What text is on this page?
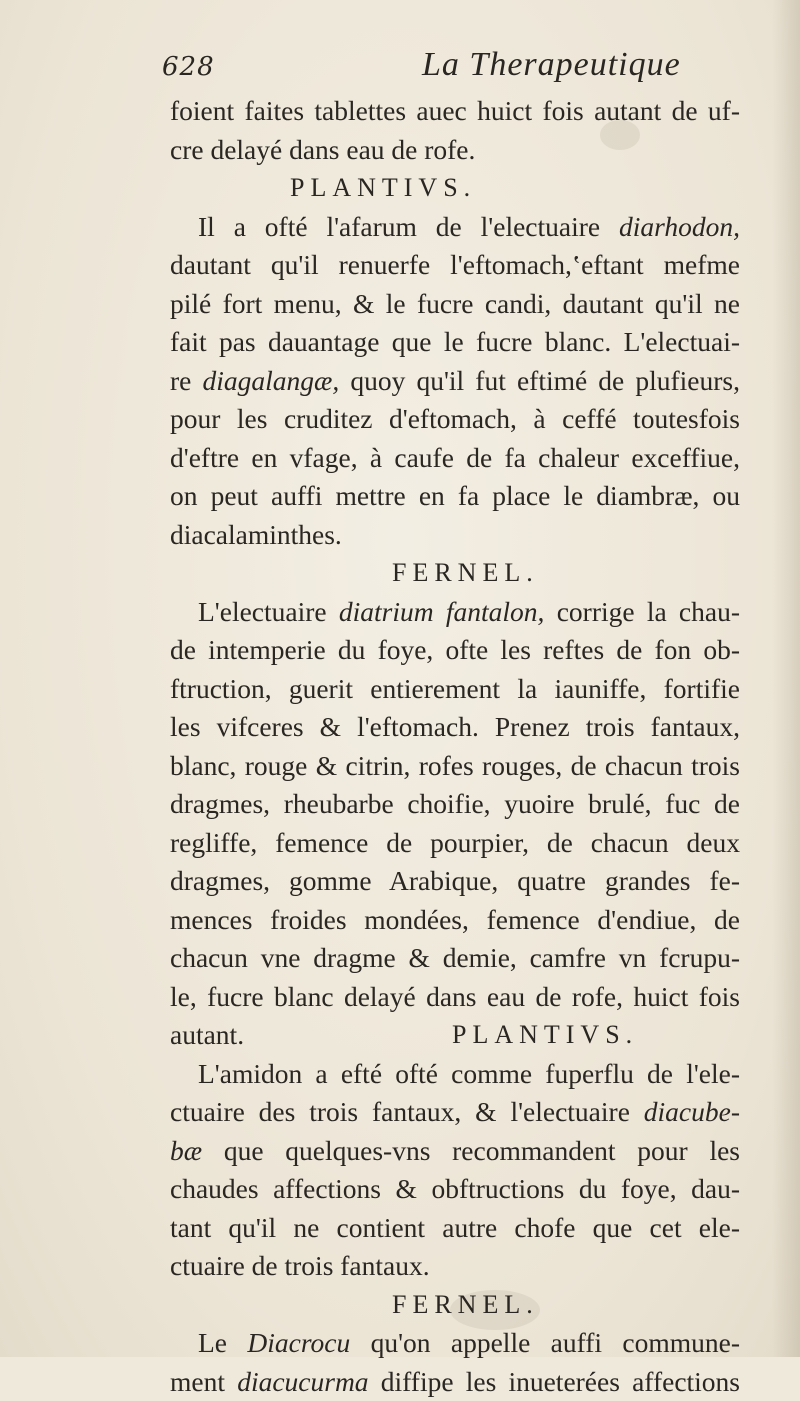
628	La Therapeutique
foient faites tablettes auec huict fois autant de uf-
cre delayé dans eau de rofe.
PLANTIVS.
Il a ofté l'afarum de l'electuaire diarhodon,
dautant qu'il renuerfe l'eftomach,‛eftant mefme
pilé fort menu, & le fucre candi, dautant qu'il ne
fait pas dauantage que le fucre blanc. L'electuai-
re diagalangæ, quoy qu'il fut eftimé de plufieurs,
pour les cruditez d'eftomach, à ceffé toutesfois
d'eftre en vfage, à caufe de fa chaleur exceffiue,
on peut auffi mettre en fa place le diambræ, ou
diacalaminthes.
FERNEL.
L'electuaire diatrium fantalon, corrige la chau-
de intemperie du foye, ofte les reftes de fon ob-
ftruction, guerit entierement la iauniffe, fortifie
les vifceres & l'eftomach. Prenez trois fantaux,
blanc, rouge & citrin, rofes rouges, de chacun trois
dragmes, rheubarbe choifie, yuoire brulé, fuc de
regliffe, femence de pourpier, de chacun deux
dragmes, gomme Arabique, quatre grandes fe-
mences froides mondées, femence d'endiue, de
chacun vne dragme & demie, camfre vn fcrupu-
le, fucre blanc delayé dans eau de rofe, huict fois
autant.	PLANTIVS.
L'amidon a efté ofté comme fuperflu de l'ele-
ctuaire des trois fantaux, & l'electuaire diacube-
bæ que quelques-vns recommandent pour les
chaudes affections & obftructions du foye, dau-
tant qu'il ne contient autre chofe que cet ele-
ctuaire de trois fantaux.
FERNEL.
Le Diacrocu qu'on appelle auffi commune-
ment diacucurma diffipe les inueterées affections
